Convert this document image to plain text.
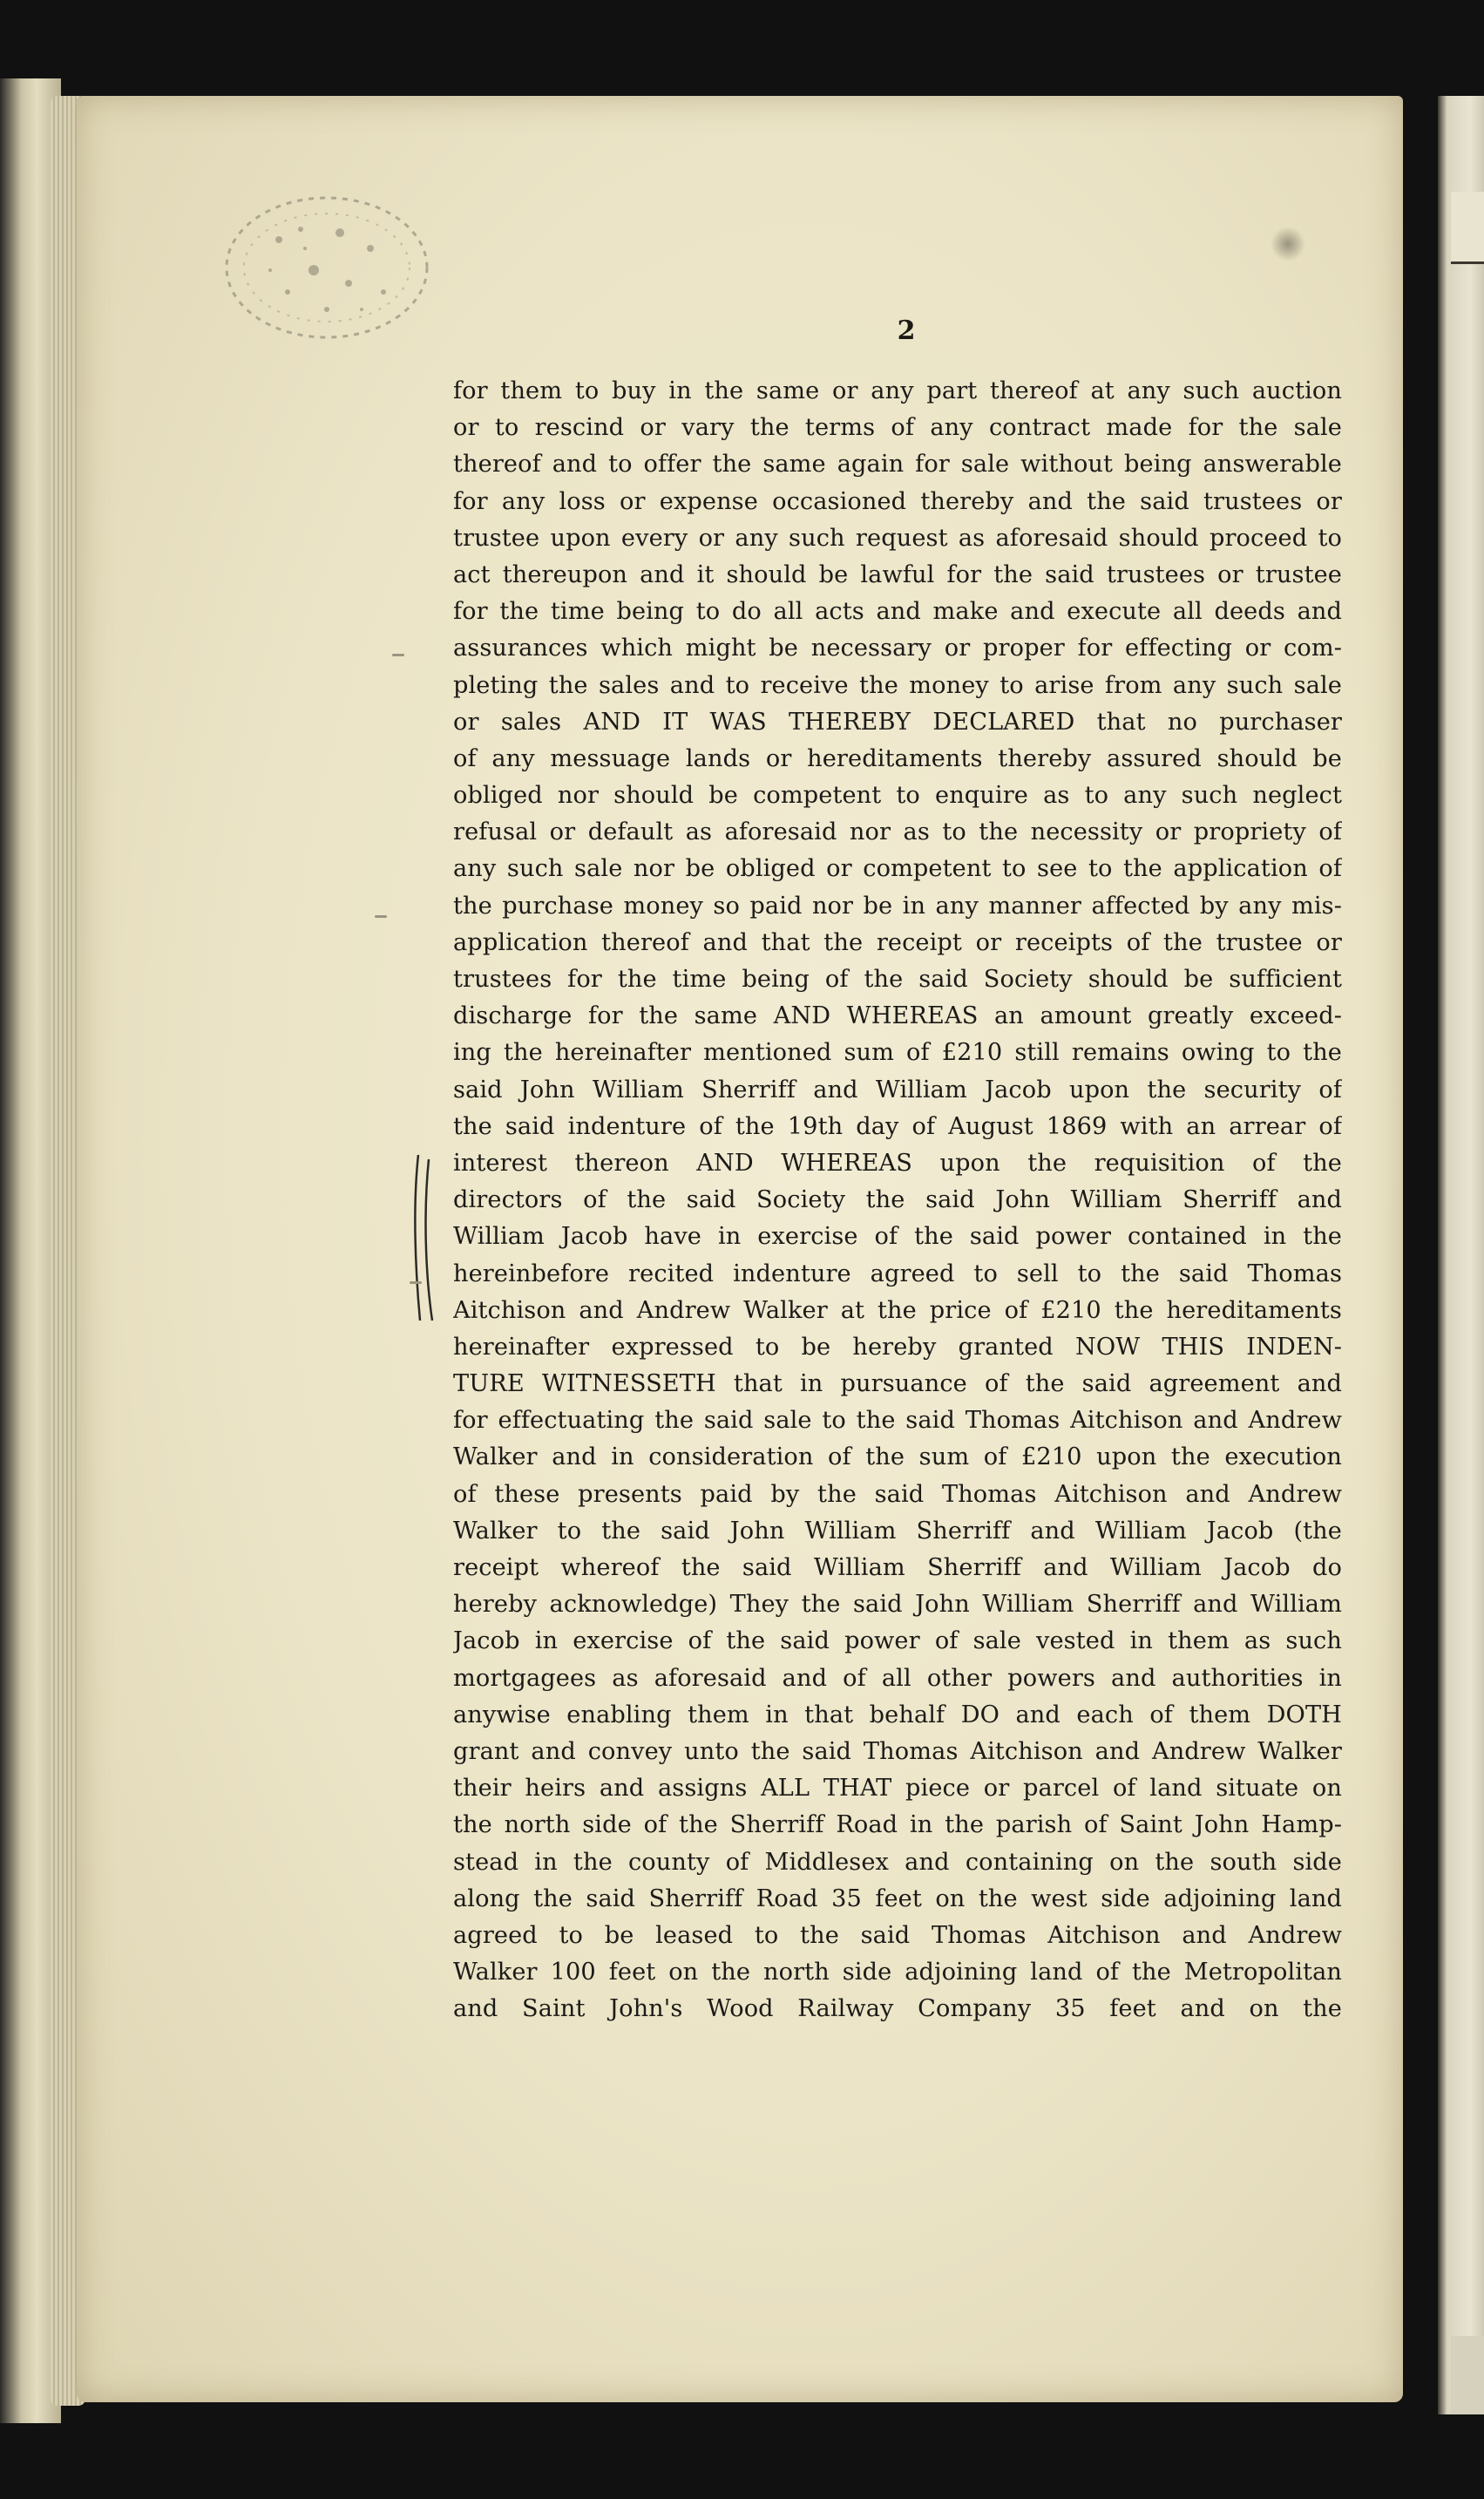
2
for them to buy in the same or any part thereof at any such auction
or to rescind or vary the terms of any contract made for the sale
thereof and to offer the same again for sale without being answerable
for any loss or expense occasioned thereby and the said trustees or
trustee upon every or any such request as aforesaid should proceed to
act thereupon and it should be lawful for the said trustees or trustee
for the time being to do all acts and make and execute all deeds and
assurances which might be necessary or proper for effecting or com-
pleting the sales and to receive the money to arise from any such sale
or sales AND IT WAS THEREBY DECLARED that no purchaser
of any messuage lands or hereditaments thereby assured should be
obliged nor should be competent to enquire as to any such neglect
refusal or default as aforesaid nor as to the necessity or propriety of
any such sale nor be obliged or competent to see to the application of
the purchase money so paid nor be in any manner affected by any mis-
application thereof and that the receipt or receipts of the trustee or
trustees for the time being of the said Society should be sufficient
discharge for the same AND WHEREAS an amount greatly exceed-
ing the hereinafter mentioned sum of £210 still remains owing to the
said John William Sherriff and William Jacob upon the security of
the said indenture of the 19th day of August 1869 with an arrear of
interest thereon AND WHEREAS upon the requisition of the
directors of the said Society the said John William Sherriff and
William Jacob have in exercise of the said power contained in the
hereinbefore recited indenture agreed to sell to the said Thomas
Aitchison and Andrew Walker at the price of £210 the hereditaments
hereinafter expressed to be hereby granted NOW THIS INDEN-
TURE WITNESSETH that in pursuance of the said agreement and
for effectuating the said sale to the said Thomas Aitchison and Andrew
Walker and in consideration of the sum of £210 upon the execution
of these presents paid by the said Thomas Aitchison and Andrew
Walker to the said John William Sherriff and William Jacob (the
receipt whereof the said William Sherriff and William Jacob do
hereby acknowledge) They the said John William Sherriff and William
Jacob in exercise of the said power of sale vested in them as such
mortgagees as aforesaid and of all other powers and authorities in
anywise enabling them in that behalf DO and each of them DOTH
grant and convey unto the said Thomas Aitchison and Andrew Walker
their heirs and assigns ALL THAT piece or parcel of land situate on
the north side of the Sherriff Road in the parish of Saint John Hamp-
stead in the county of Middlesex and containing on the south side
along the said Sherriff Road 35 feet on the west side adjoining land
agreed to be leased to the said Thomas Aitchison and Andrew
Walker 100 feet on the north side adjoining land of the Metropolitan
and Saint John's Wood Railway Company 35 feet and on the
